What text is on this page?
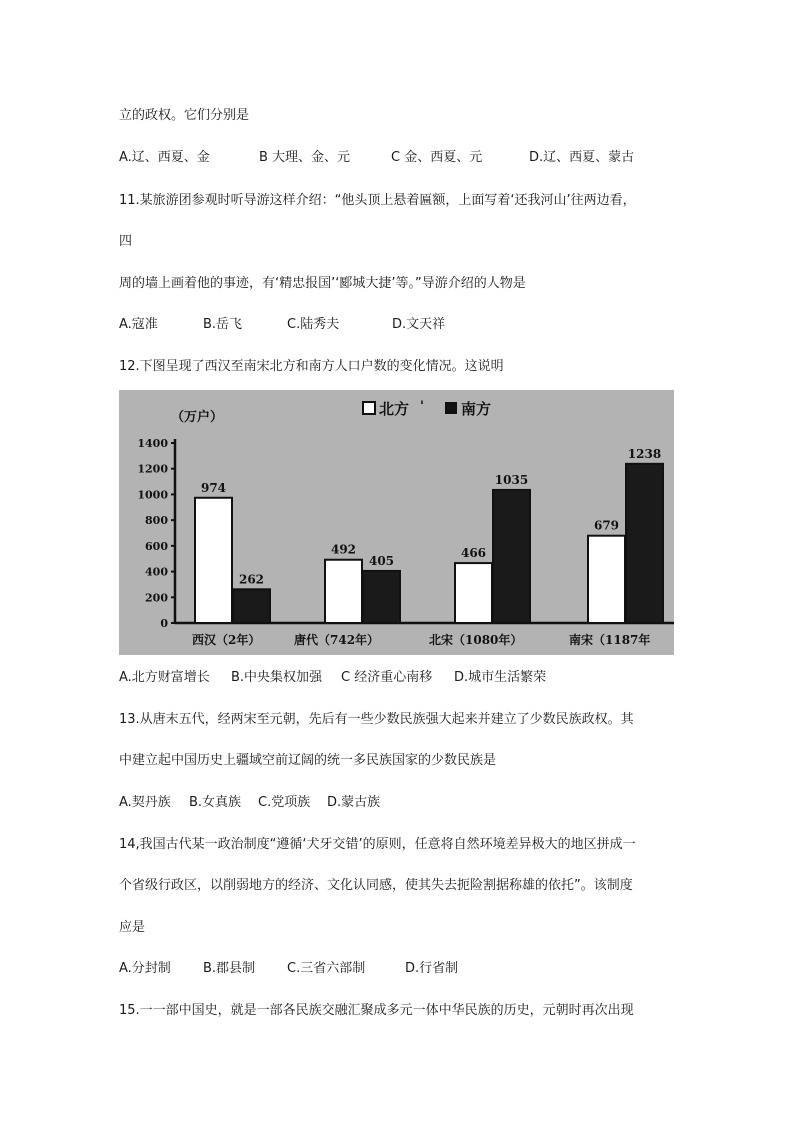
立的政权。它们分别是
A.辽、西夏、金	B 大理、金、元	C 金、西夏、元	D.辽、西夏、蒙古
11.某旅游团参观时听导游这样介绍：“他头顶上悬着匾额，上面写着‘还我河山’往两边看，
四
周的墙上画着他的事迹，有‘精忠报国’‘郾城大捷’等。”导游介绍的人物是
A.寇准	B.岳飞	C.陆秀夫	D.文天祥
12.下图呈现了西汉至南宋北方和南方人口户数的变化情况。这说明
（万户）	北方 ' 南方
1400
1200
1000
800
600
400
200
0
974
262
492
405
466
1035
679
1238
西汉（2年）	唐代（742年）	北宋（1080年）	南宋（1187年
A.北方财富增长 B.中央集权加强 C 经济重心南移 D.城市生活繁荣
13.从唐末五代，经两宋至元朝，先后有一些少数民族强大起来并建立了少数民族政权。其
中建立起中国历史上疆域空前辽阔的统一多民族国家的少数民族是
A.契丹族 B.女真族 C.党项族 D.蒙古族
14,我国古代某一政治制度“遵循‘犬牙交错’的原则，任意将自然环境差异极大的地区拼成一
个省级行政区，以削弱地方的经济、文化认同感，使其失去扼险割据称雄的依托”。该制度
应是
A.分封制 B.郡县制 C.三省六部制	D.行省制
15.一一部中国史，就是一部各民族交融汇聚成多元一体中华民族的历史，元朝时再次出现
